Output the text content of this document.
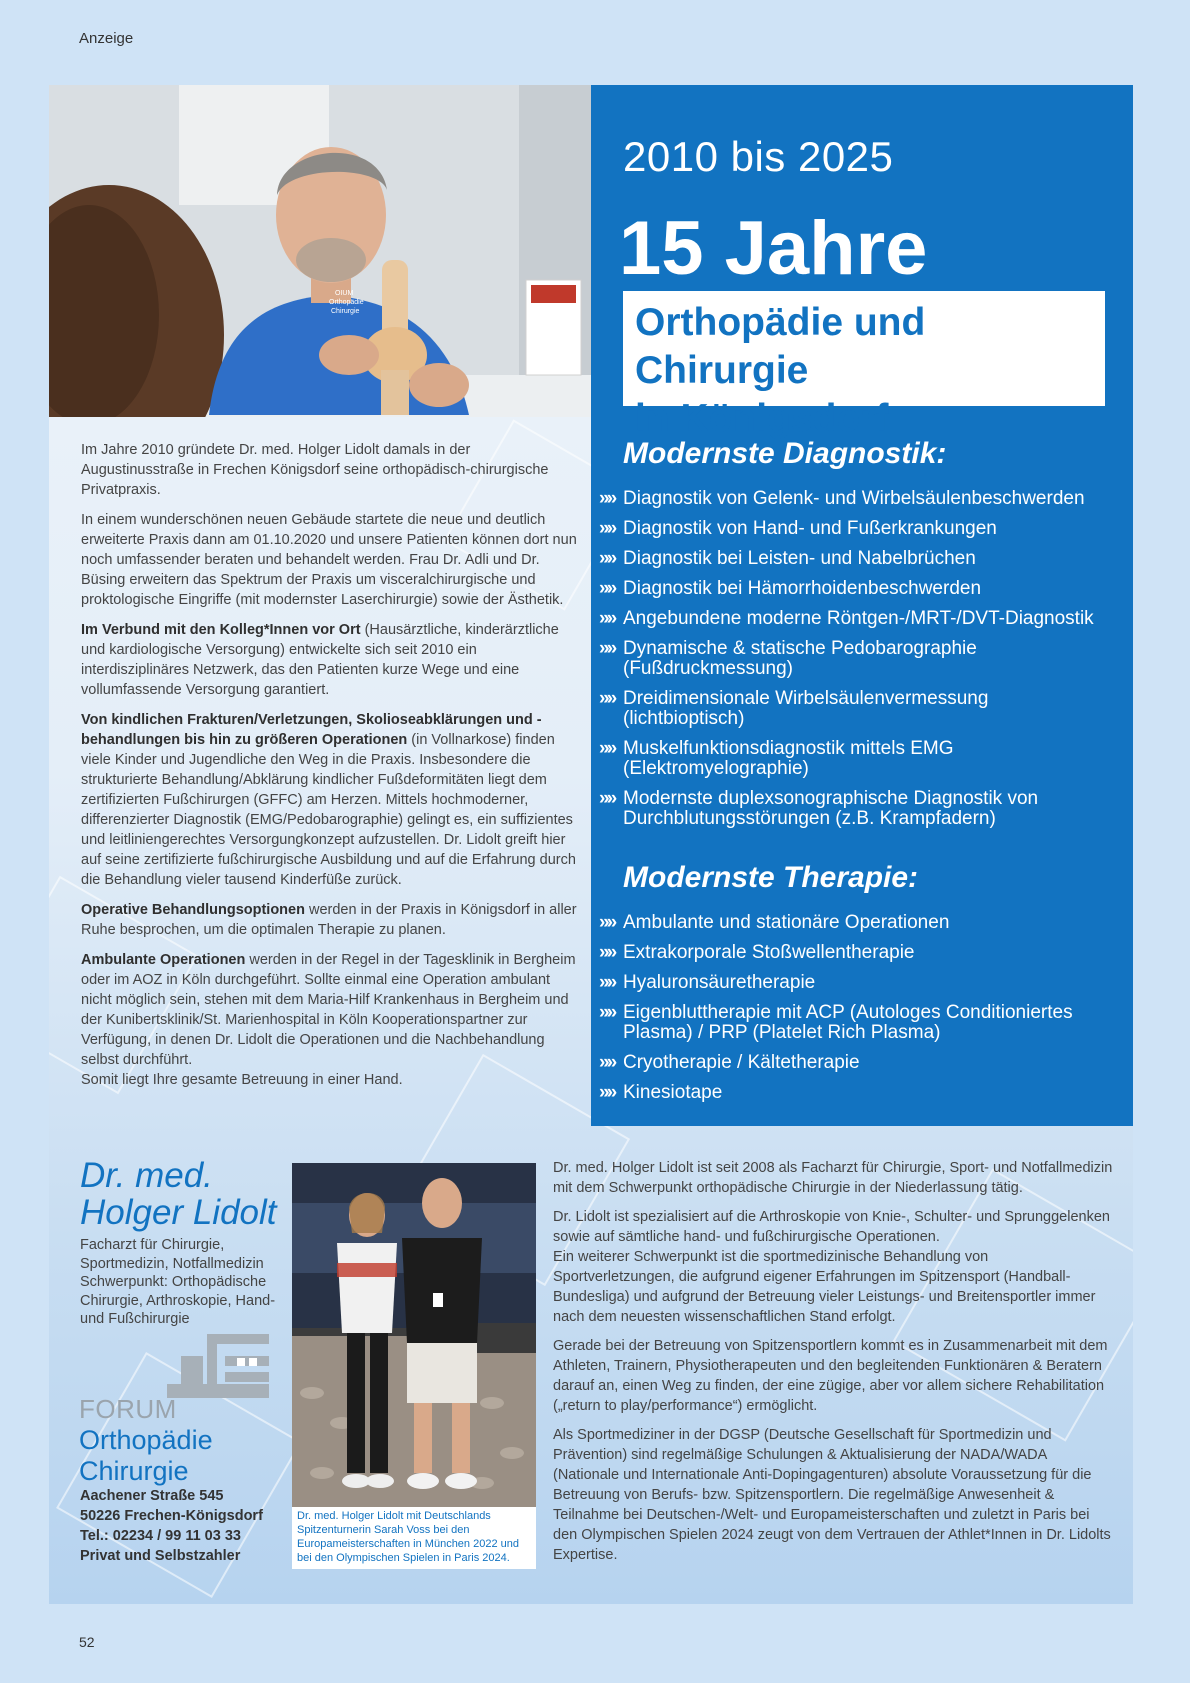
Anzeige
OIUM
Orthopädie
Chirurgie
2010 bis 2025
15 Jahre
Orthopädie und Chirurgie
in Königsdorf
Modernste Diagnostik:
»» Diagnostik von Gelenk- und Wirbelsäulenbeschwerden
»» Diagnostik von Hand- und Fußerkrankungen
»» Diagnostik bei Leisten- und Nabelbrüchen
»» Diagnostik bei Hämorrhoidenbeschwerden
»» Angebundene moderne Röntgen-/MRT-/DVT-Diagnostik
»» Dynamische & statische Pedobarographie
(Fußdruckmessung)
»» Dreidimensionale Wirbelsäulenvermessung
(lichtbioptisch)
»» Muskelfunktionsdiagnostik mittels EMG
(Elektromyelographie)
»» Modernste duplexsonographische Diagnostik von
Durchblutungsstörungen (z.B. Krampfadern)
Modernste Therapie:
»» Ambulante und stationäre Operationen
»» Extrakorporale Stoßwellentherapie
»» Hyaluronsäuretherapie
»» Eigenbluttherapie mit ACP (Autologes Conditioniertes
Plasma) / PRP (Platelet Rich Plasma)
»» Cryotherapie / Kältetherapie
»» Kinesiotape

Im Jahre 2010 gründete Dr. med. Holger Lidolt damals in der Augustinusstraße in Frechen Königsdorf seine orthopädisch-chirurgische Privatpraxis.

In einem wunderschönen neuen Gebäude startete die neue und deutlich erweiterte Praxis dann am 01.10.2020 und unsere Patienten können dort nun noch umfassender beraten und behandelt werden. Frau Dr. Adli und Dr. Büsing erweitern das Spektrum der Praxis um visceralchirurgische und proktologische Eingriffe (mit modernster Laserchirurgie) sowie der Ästhetik.

Im Verbund mit den Kolleg*Innen vor Ort (Hausärztliche, kinderärztliche und kardiologische Versorgung) entwickelte sich seit 2010 ein interdisziplinäres Netzwerk, das den Patienten kurze Wege und eine vollumfassende Versorgung garantiert.

Von kindlichen Frakturen/Verletzungen, Skolioseabklärungen und -behandlungen bis hin zu größeren Operationen (in Vollnarkose) finden viele Kinder und Jugendliche den Weg in die Praxis. Insbesondere die strukturierte Behandlung/Abklärung kindlicher Fußdeformitäten liegt dem zertifizierten Fußchirurgen (GFFC) am Herzen. Mittels hochmoderner, differenzierter Diagnostik (EMG/Pedobarographie) gelingt es, ein suffizientes und leitliniengerechtes Versorgungkonzept aufzustellen. Dr. Lidolt greift hier auf seine zertifizierte fußchirurgische Ausbildung und auf die Erfahrung durch die Behandlung vieler tausend Kinderfüße zurück.

Operative Behandlungsoptionen werden in der Praxis in Königsdorf in aller Ruhe besprochen, um die optimalen Therapie zu planen.

Ambulante Operationen werden in der Regel in der Tagesklinik in Bergheim oder im AOZ in Köln durchgeführt. Sollte einmal eine Operation ambulant nicht möglich sein, stehen mit dem Maria-Hilf Krankenhaus in Bergheim und der Kunibertsklinik/St. Marienhospital in Köln Kooperationspartner zur Verfügung, in denen Dr. Lidolt die Operationen und die Nachbehandlung selbst durchführt.
Somit liegt Ihre gesamte Betreuung in einer Hand.

Dr. med.
Holger Lidolt
Facharzt für Chirurgie, Sportmedizin, Notfallmedizin Schwerpunkt: Orthopädische Chirurgie, Arthroskopie, Hand- und Fußchirurgie
FORUM
Orthopädie
Chirurgie
Aachener Straße 545
50226 Frechen-Königsdorf
Tel.: 02234 / 99 11 03 33
Privat und Selbstzahler
Dr. med. Holger Lidolt mit Deutschlands Spitzenturnerin Sarah Voss bei den Europameisterschaften in München 2022 und bei den Olympischen Spielen in Paris 2024.

Dr. med. Holger Lidolt ist seit 2008 als Facharzt für Chirurgie, Sport- und Notfallmedizin mit dem Schwerpunkt orthopädische Chirurgie in der Niederlassung tätig.

Dr. Lidolt ist spezialisiert auf die Arthroskopie von Knie-, Schulter- und Sprunggelenken sowie auf sämtliche hand- und fußchirurgische Operationen.
Ein weiterer Schwerpunkt ist die sportmedizinische Behandlung von Sportverletzungen, die aufgrund eigener Erfahrungen im Spitzensport (Handball-Bundesliga) und aufgrund der Betreuung vieler Leistungs- und Breitensportler immer nach dem neuesten wissenschaftlichen Stand erfolgt.

Gerade bei der Betreuung von Spitzensportlern kommt es in Zusammenarbeit mit dem Athleten, Trainern, Physiotherapeuten und den begleitenden Funktionären & Beratern darauf an, einen Weg zu finden, der eine zügige, aber vor allem sichere Rehabilitation („return to play/performance“) ermöglicht.

Als Sportmediziner in der DGSP (Deutsche Gesellschaft für Sportmedizin und Prävention) sind regelmäßige Schulungen & Aktualisierung der NADA/WADA (Nationale und Internationale Anti-Dopingagenturen) absolute Voraussetzung für die Betreuung von Berufs- bzw. Spitzensportlern. Die regelmäßige Anwesenheit & Teilnahme bei Deutschen-/Welt- und Europameisterschaften und zuletzt in Paris bei den Olympischen Spielen 2024 zeugt von dem Vertrauen der Athlet*Innen in Dr. Lidolts Expertise.

52
